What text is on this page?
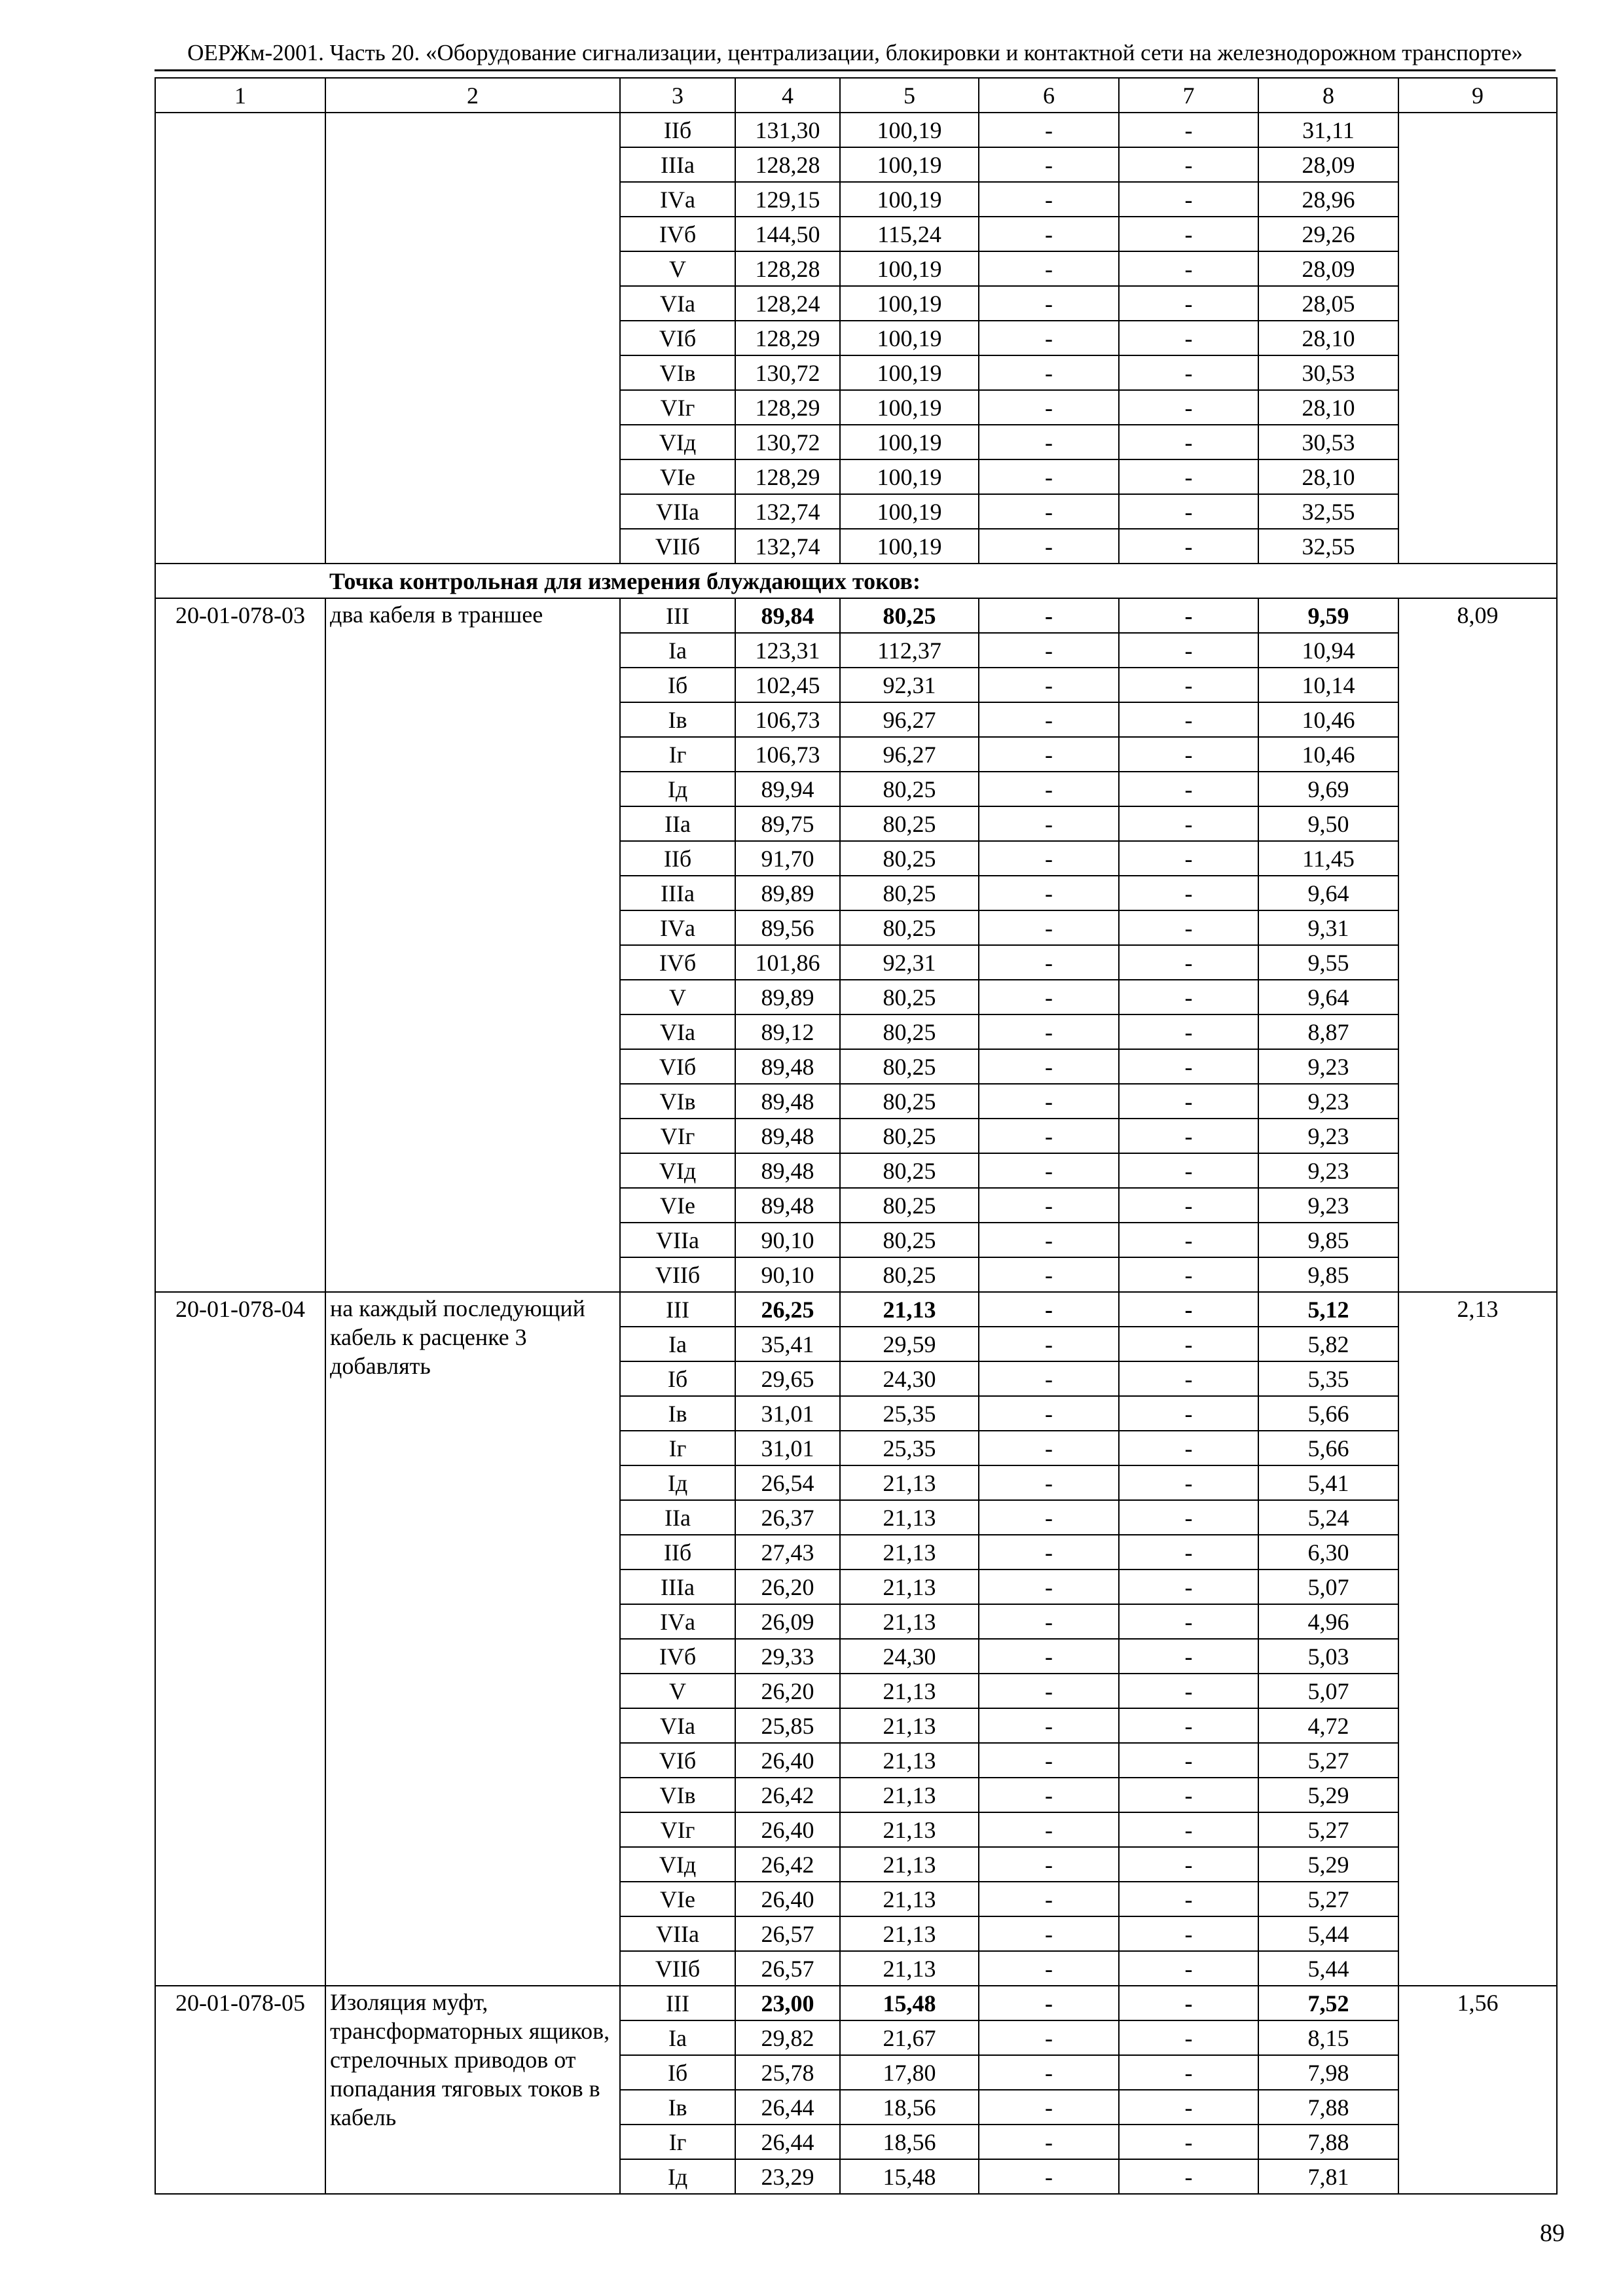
ОЕРЖм-2001. Часть 20. «Оборудование сигнализации, централизации, блокировки и контактной сети на железнодорожном транспорте»
1	2	3	4	5	6	7	8	9
		IIб	131,30	100,19	-	-	31,11	
		IIIа	128,28	100,19	-	-	28,09	
		IVа	129,15	100,19	-	-	28,96	
		IVб	144,50	115,24	-	-	29,26	
		V	128,28	100,19	-	-	28,09	
		VIа	128,24	100,19	-	-	28,05	
		VIб	128,29	100,19	-	-	28,10	
		VIв	130,72	100,19	-	-	30,53	
		VIг	128,29	100,19	-	-	28,10	
		VIд	130,72	100,19	-	-	30,53	
		VIе	128,29	100,19	-	-	28,10	
		VIIа	132,74	100,19	-	-	32,55	
		VIIб	132,74	100,19	-	-	32,55	
	Точка контрольная для измерения блуждающих токов:							
20-01-078-03	два кабеля в траншее	III	89,84	80,25	-	-	9,59	8,09
		Iа	123,31	112,37	-	-	10,94	
		Iб	102,45	92,31	-	-	10,14	
		Iв	106,73	96,27	-	-	10,46	
		Iг	106,73	96,27	-	-	10,46	
		Iд	89,94	80,25	-	-	9,69	
		IIа	89,75	80,25	-	-	9,50	
		IIб	91,70	80,25	-	-	11,45	
		IIIа	89,89	80,25	-	-	9,64	
		IVа	89,56	80,25	-	-	9,31	
		IVб	101,86	92,31	-	-	9,55	
		V	89,89	80,25	-	-	9,64	
		VIа	89,12	80,25	-	-	8,87	
		VIб	89,48	80,25	-	-	9,23	
		VIв	89,48	80,25	-	-	9,23	
		VIг	89,48	80,25	-	-	9,23	
		VIд	89,48	80,25	-	-	9,23	
		VIе	89,48	80,25	-	-	9,23	
		VIIа	90,10	80,25	-	-	9,85	
		VIIб	90,10	80,25	-	-	9,85	
20-01-078-04	на каждый последующий кабель к расценке 3 добавлять	III	26,25	21,13	-	-	5,12	2,13
		Iа	35,41	29,59	-	-	5,82	
		Iб	29,65	24,30	-	-	5,35	
		Iв	31,01	25,35	-	-	5,66	
		Iг	31,01	25,35	-	-	5,66	
		Iд	26,54	21,13	-	-	5,41	
		IIа	26,37	21,13	-	-	5,24	
		IIб	27,43	21,13	-	-	6,30	
		IIIа	26,20	21,13	-	-	5,07	
		IVа	26,09	21,13	-	-	4,96	
		IVб	29,33	24,30	-	-	5,03	
		V	26,20	21,13	-	-	5,07	
		VIа	25,85	21,13	-	-	4,72	
		VIб	26,40	21,13	-	-	5,27	
		VIв	26,42	21,13	-	-	5,29	
		VIг	26,40	21,13	-	-	5,27	
		VIд	26,42	21,13	-	-	5,29	
		VIе	26,40	21,13	-	-	5,27	
		VIIа	26,57	21,13	-	-	5,44	
		VIIб	26,57	21,13	-	-	5,44	
20-01-078-05	Изоляция муфт, трансформаторных ящиков, стрелочных приводов от попадания тяговых токов в кабель	III	23,00	15,48	-	-	7,52	1,56
		Iа	29,82	21,67	-	-	8,15	
		Iб	25,78	17,80	-	-	7,98	
		Iв	26,44	18,56	-	-	7,88	
		Iг	26,44	18,56	-	-	7,88	
		Iд	23,29	15,48	-	-	7,81	
89
